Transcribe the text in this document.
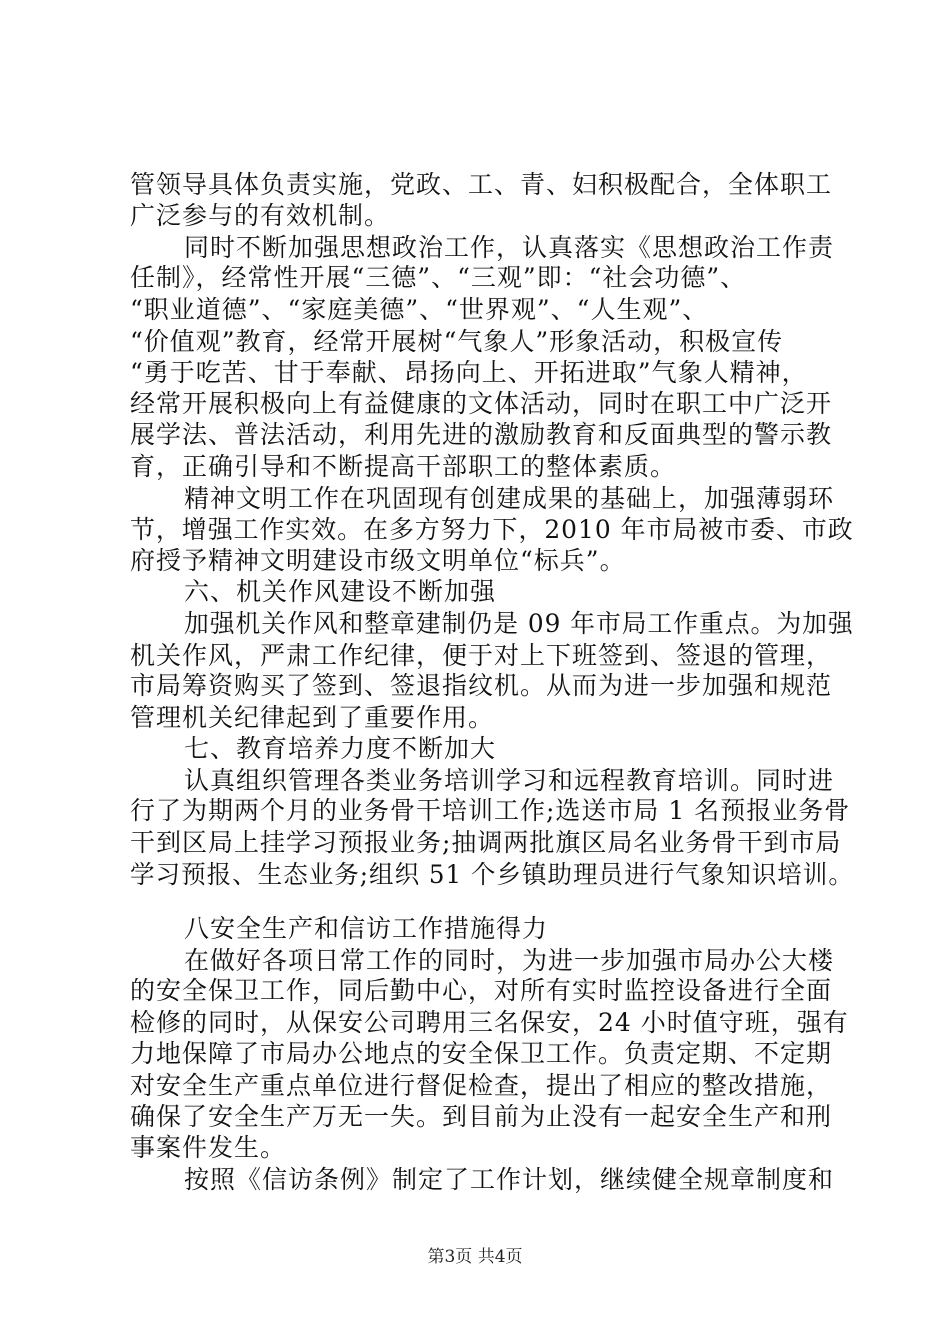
管领导具体负责实施，党政、工、青、妇积极配合，全体职工
广泛参与的有效机制。
同时不断加强思想政治工作，认真落实《思想政治工作责
任制》，经常性开展“三德”、“三观”即：“社会功德”、
“职业道德”、“家庭美德”、“世界观”、“人生观”、
“价值观”教育，经常开展树“气象人”形象活动，积极宣传
“勇于吃苦、甘于奉献、昂扬向上、开拓进取”气象人精神，
经常开展积极向上有益健康的文体活动，同时在职工中广泛开
展学法、普法活动，利用先进的激励教育和反面典型的警示教
育，正确引导和不断提高干部职工的整体素质。
精神文明工作在巩固现有创建成果的基础上，加强薄弱环
节，增强工作实效。在多方努力下，2010 年市局被市委、市政
府授予精神文明建设市级文明单位“标兵”。
六、机关作风建设不断加强
加强机关作风和整章建制仍是 09 年市局工作重点。为加强
机关作风，严肃工作纪律，便于对上下班签到、签退的管理，
市局筹资购买了签到、签退指纹机。从而为进一步加强和规范
管理机关纪律起到了重要作用。
七、教育培养力度不断加大
认真组织管理各类业务培训学习和远程教育培训。同时进
行了为期两个月的业务骨干培训工作;选送市局 1 名预报业务骨
干到区局上挂学习预报业务;抽调两批旗区局名业务骨干到市局
学习预报、生态业务;组织 51 个乡镇助理员进行气象知识培训。
八安全生产和信访工作措施得力
在做好各项日常工作的同时，为进一步加强市局办公大楼
的安全保卫工作，同后勤中心，对所有实时监控设备进行全面
检修的同时，从保安公司聘用三名保安，24 小时值守班，强有
力地保障了市局办公地点的安全保卫工作。负责定期、不定期
对安全生产重点单位进行督促检查，提出了相应的整改措施，
确保了安全生产万无一失。到目前为止没有一起安全生产和刑
事案件发生。
按照《信访条例》制定了工作计划，继续健全规章制度和
第3页 共4页
